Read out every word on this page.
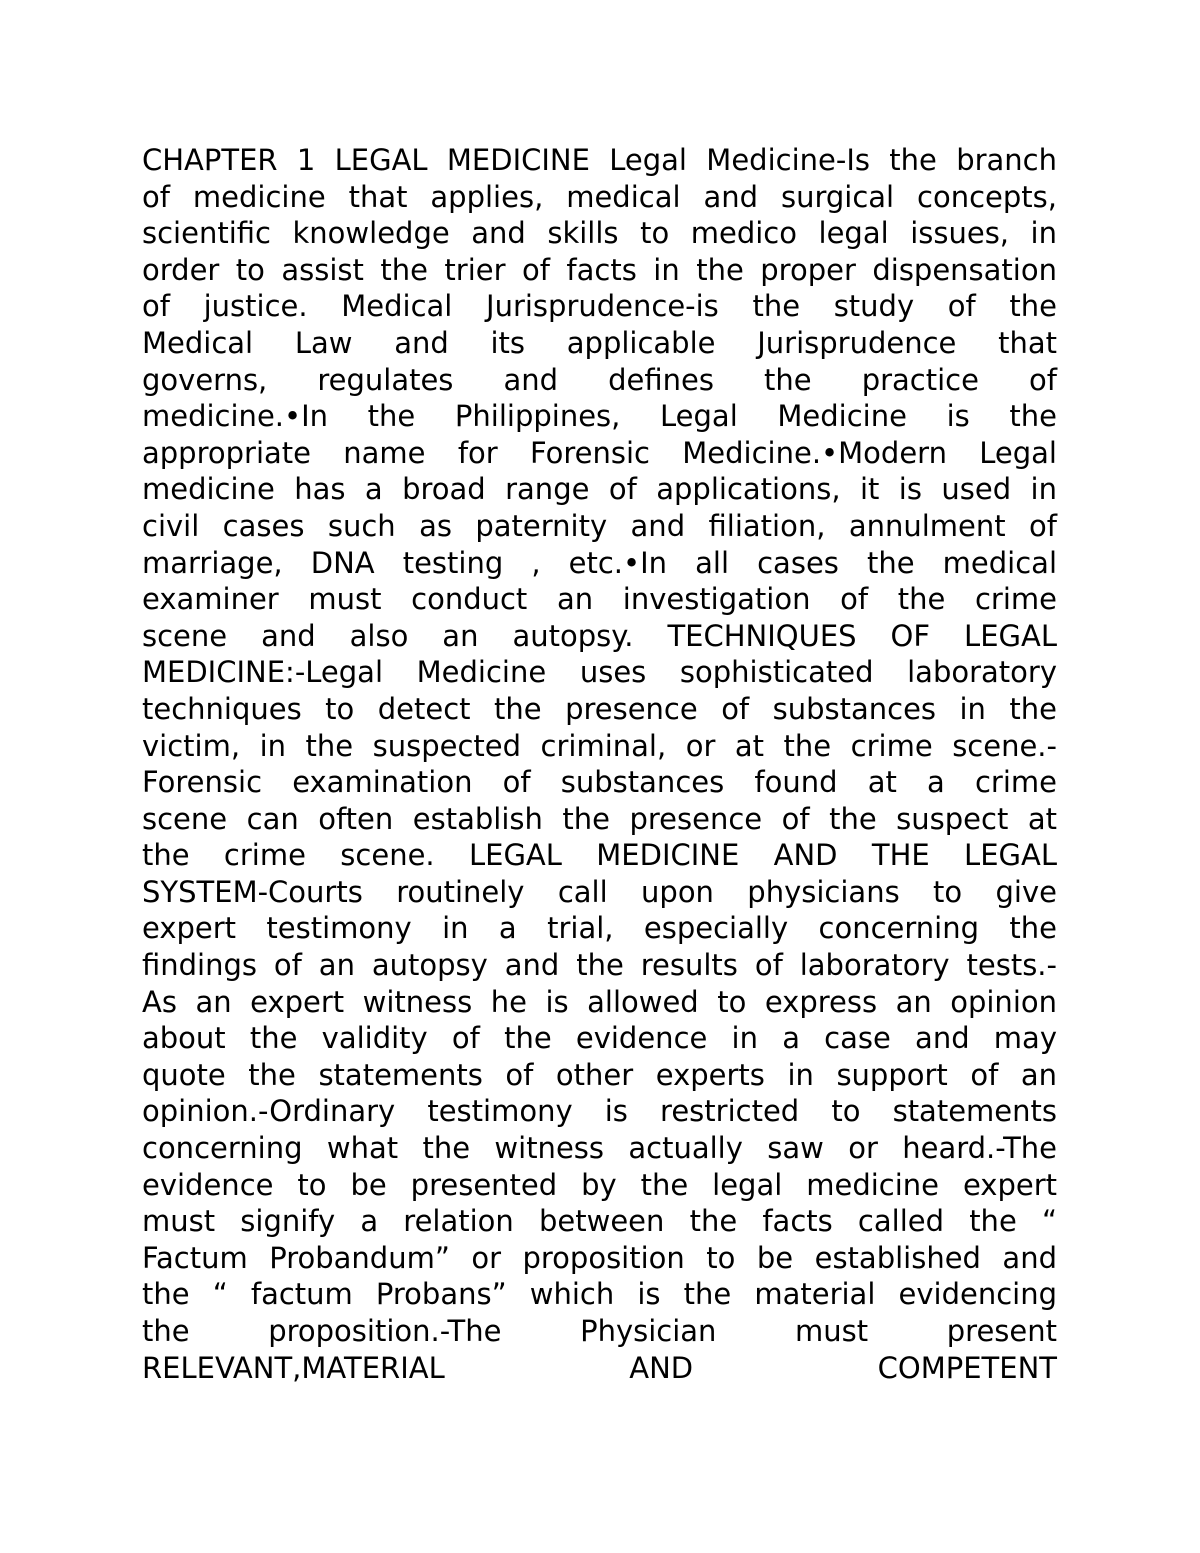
CHAPTER 1 LEGAL MEDICINE Legal Medicine-Is the branch
of medicine that applies, medical and surgical concepts,
scientific knowledge and skills to medico legal issues, in
order to assist the trier of facts in the proper dispensation
of justice. Medical Jurisprudence-is the study of the
Medical Law and its applicable Jurisprudence that
governs, regulates and defines the practice of
medicine.•In the Philippines, Legal Medicine is the
appropriate name for Forensic Medicine.•Modern Legal
medicine has a broad range of applications, it is used in
civil cases such as paternity and filiation, annulment of
marriage, DNA testing , etc.•In all cases the medical
examiner must conduct an investigation of the crime
scene and also an autopsy. TECHNIQUES OF LEGAL
MEDICINE:-Legal Medicine uses sophisticated laboratory
techniques to detect the presence of substances in the
victim, in the suspected criminal, or at the crime scene.-
Forensic examination of substances found at a crime
scene can often establish the presence of the suspect at
the crime scene. LEGAL MEDICINE AND THE LEGAL
SYSTEM-Courts routinely call upon physicians to give
expert testimony in a trial, especially concerning the
findings of an autopsy and the results of laboratory tests.-
As an expert witness he is allowed to express an opinion
about the validity of the evidence in a case and may
quote the statements of other experts in support of an
opinion.-Ordinary testimony is restricted to statements
concerning what the witness actually saw or heard.-The
evidence to be presented by the legal medicine expert
must signify a relation between the facts called the “
Factum Probandum” or proposition to be established and
the “ factum Probans” which is the material evidencing
the proposition.-The Physician must present
RELEVANT,MATERIAL AND COMPETENT
